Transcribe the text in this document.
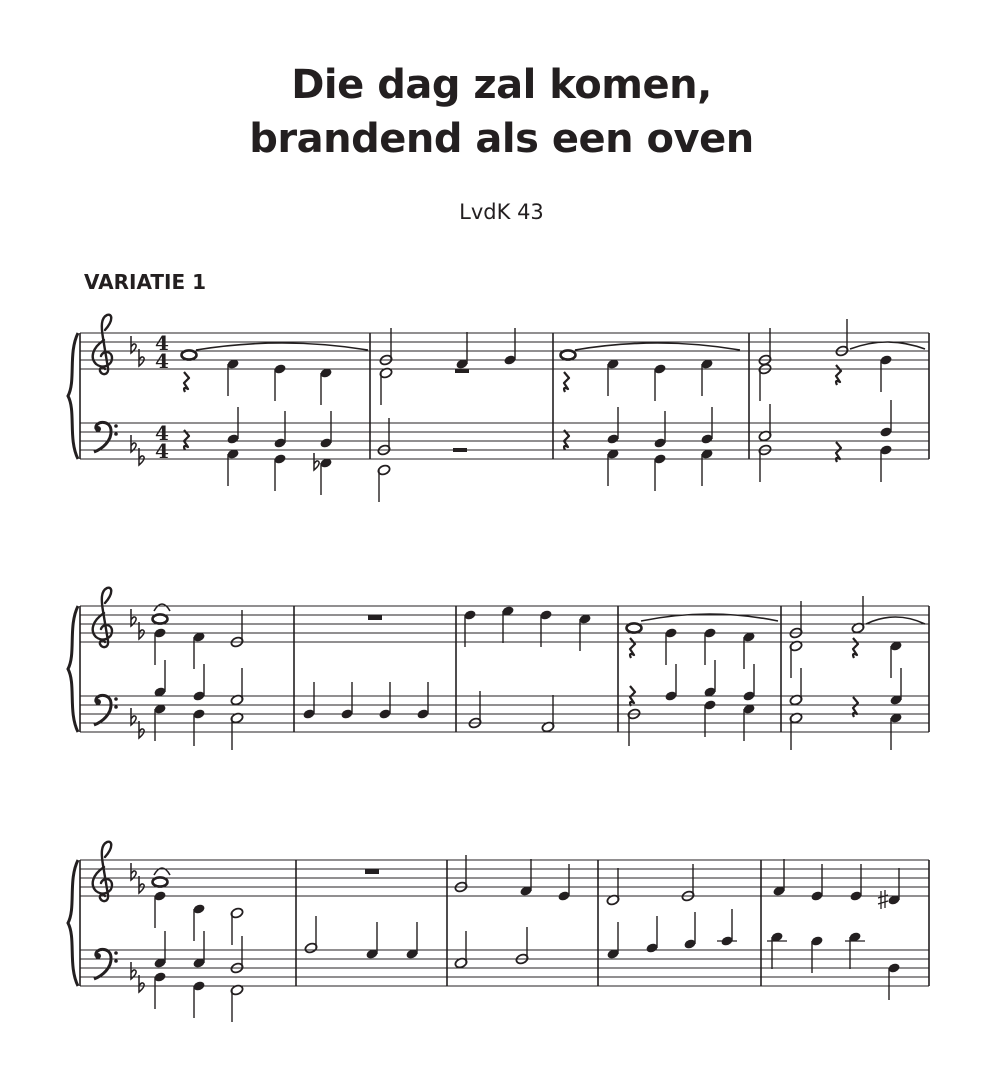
Die dag zal komen,
brandend als een oven
LvdK 43
VARIATIE 1
4
4
4
4
